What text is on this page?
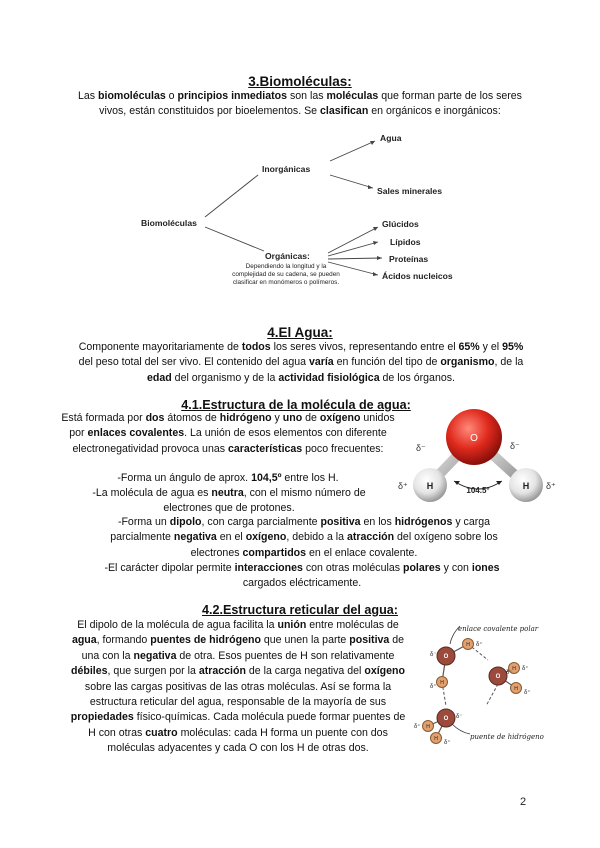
3.Biomoléculas:
Las biomoléculas o principios inmediatos son las moléculas que forman parte de los seres vivos, están constituidos por bioelementos. Se clasifican en orgánicos e inorgánicos:
Biomoléculas
Inorgánicas
Agua
Sales minerales
Orgánicas:
Dependiendo la longitud y la complejidad de su cadena, se pueden clasificar en monómeros o polímeros.
Glúcidos
Lípidos
Proteínas
Ácidos nucleicos
4.El Agua:
Componente mayoritariamente de todos los seres vivos, representando entre el 65% y el 95% del peso total del ser vivo. El contenido del agua varía en función del tipo de organismo, de la edad del organismo y de la actividad fisiológica de los órganos.
4.1.Estructura de la molécula de agua:
Está formada por dos átomos de hidrógeno y uno de oxígeno unidos por enlaces covalentes. La unión de esos elementos con diferente electronegatividad provoca unas características poco frecuentes:
-Forma un ángulo de aprox. 104,5º entre los H.
-La molécula de agua es neutra, con el mismo número de electrones que de protones.
-Forma un dipolo, con carga parcialmente positiva en los hidrógenos y carga parcialmente negativa en el oxígeno, debido a la atracción del oxígeno sobre los electrones compartidos en el enlace covalente.
-El carácter dipolar permite interacciones con otras moléculas polares y con iones cargados eléctricamente.
O
H	H
δ⁻	δ⁻
δ⁺	δ⁺
104.5°
4.2.Estructura reticular del agua:
El dipolo de la molécula de agua facilita la unión entre moléculas de agua, formando puentes de hidrógeno que unen la parte positiva de una con la negativa de otra. Esos puentes de H son relativamente débiles, que surgen por la atracción de la carga negativa del oxígeno sobre las cargas positivas de las otras moléculas. Así se forma la estructura reticular del agua, responsable de la mayoría de sus propiedades físico-químicas. Cada molécula puede formar puentes de H con otras cuatro moléculas: cada H forma un puente con dos moléculas adyacentes y cada O con los H de otras dos.
O
O
O
H
H
H
H
H
H
δ⁻
δ⁻
δ⁻
δ⁺
δ⁺
δ⁺
δ⁺
δ⁺
δ⁺
enlace covalente polar
puente de hidrógeno
2
